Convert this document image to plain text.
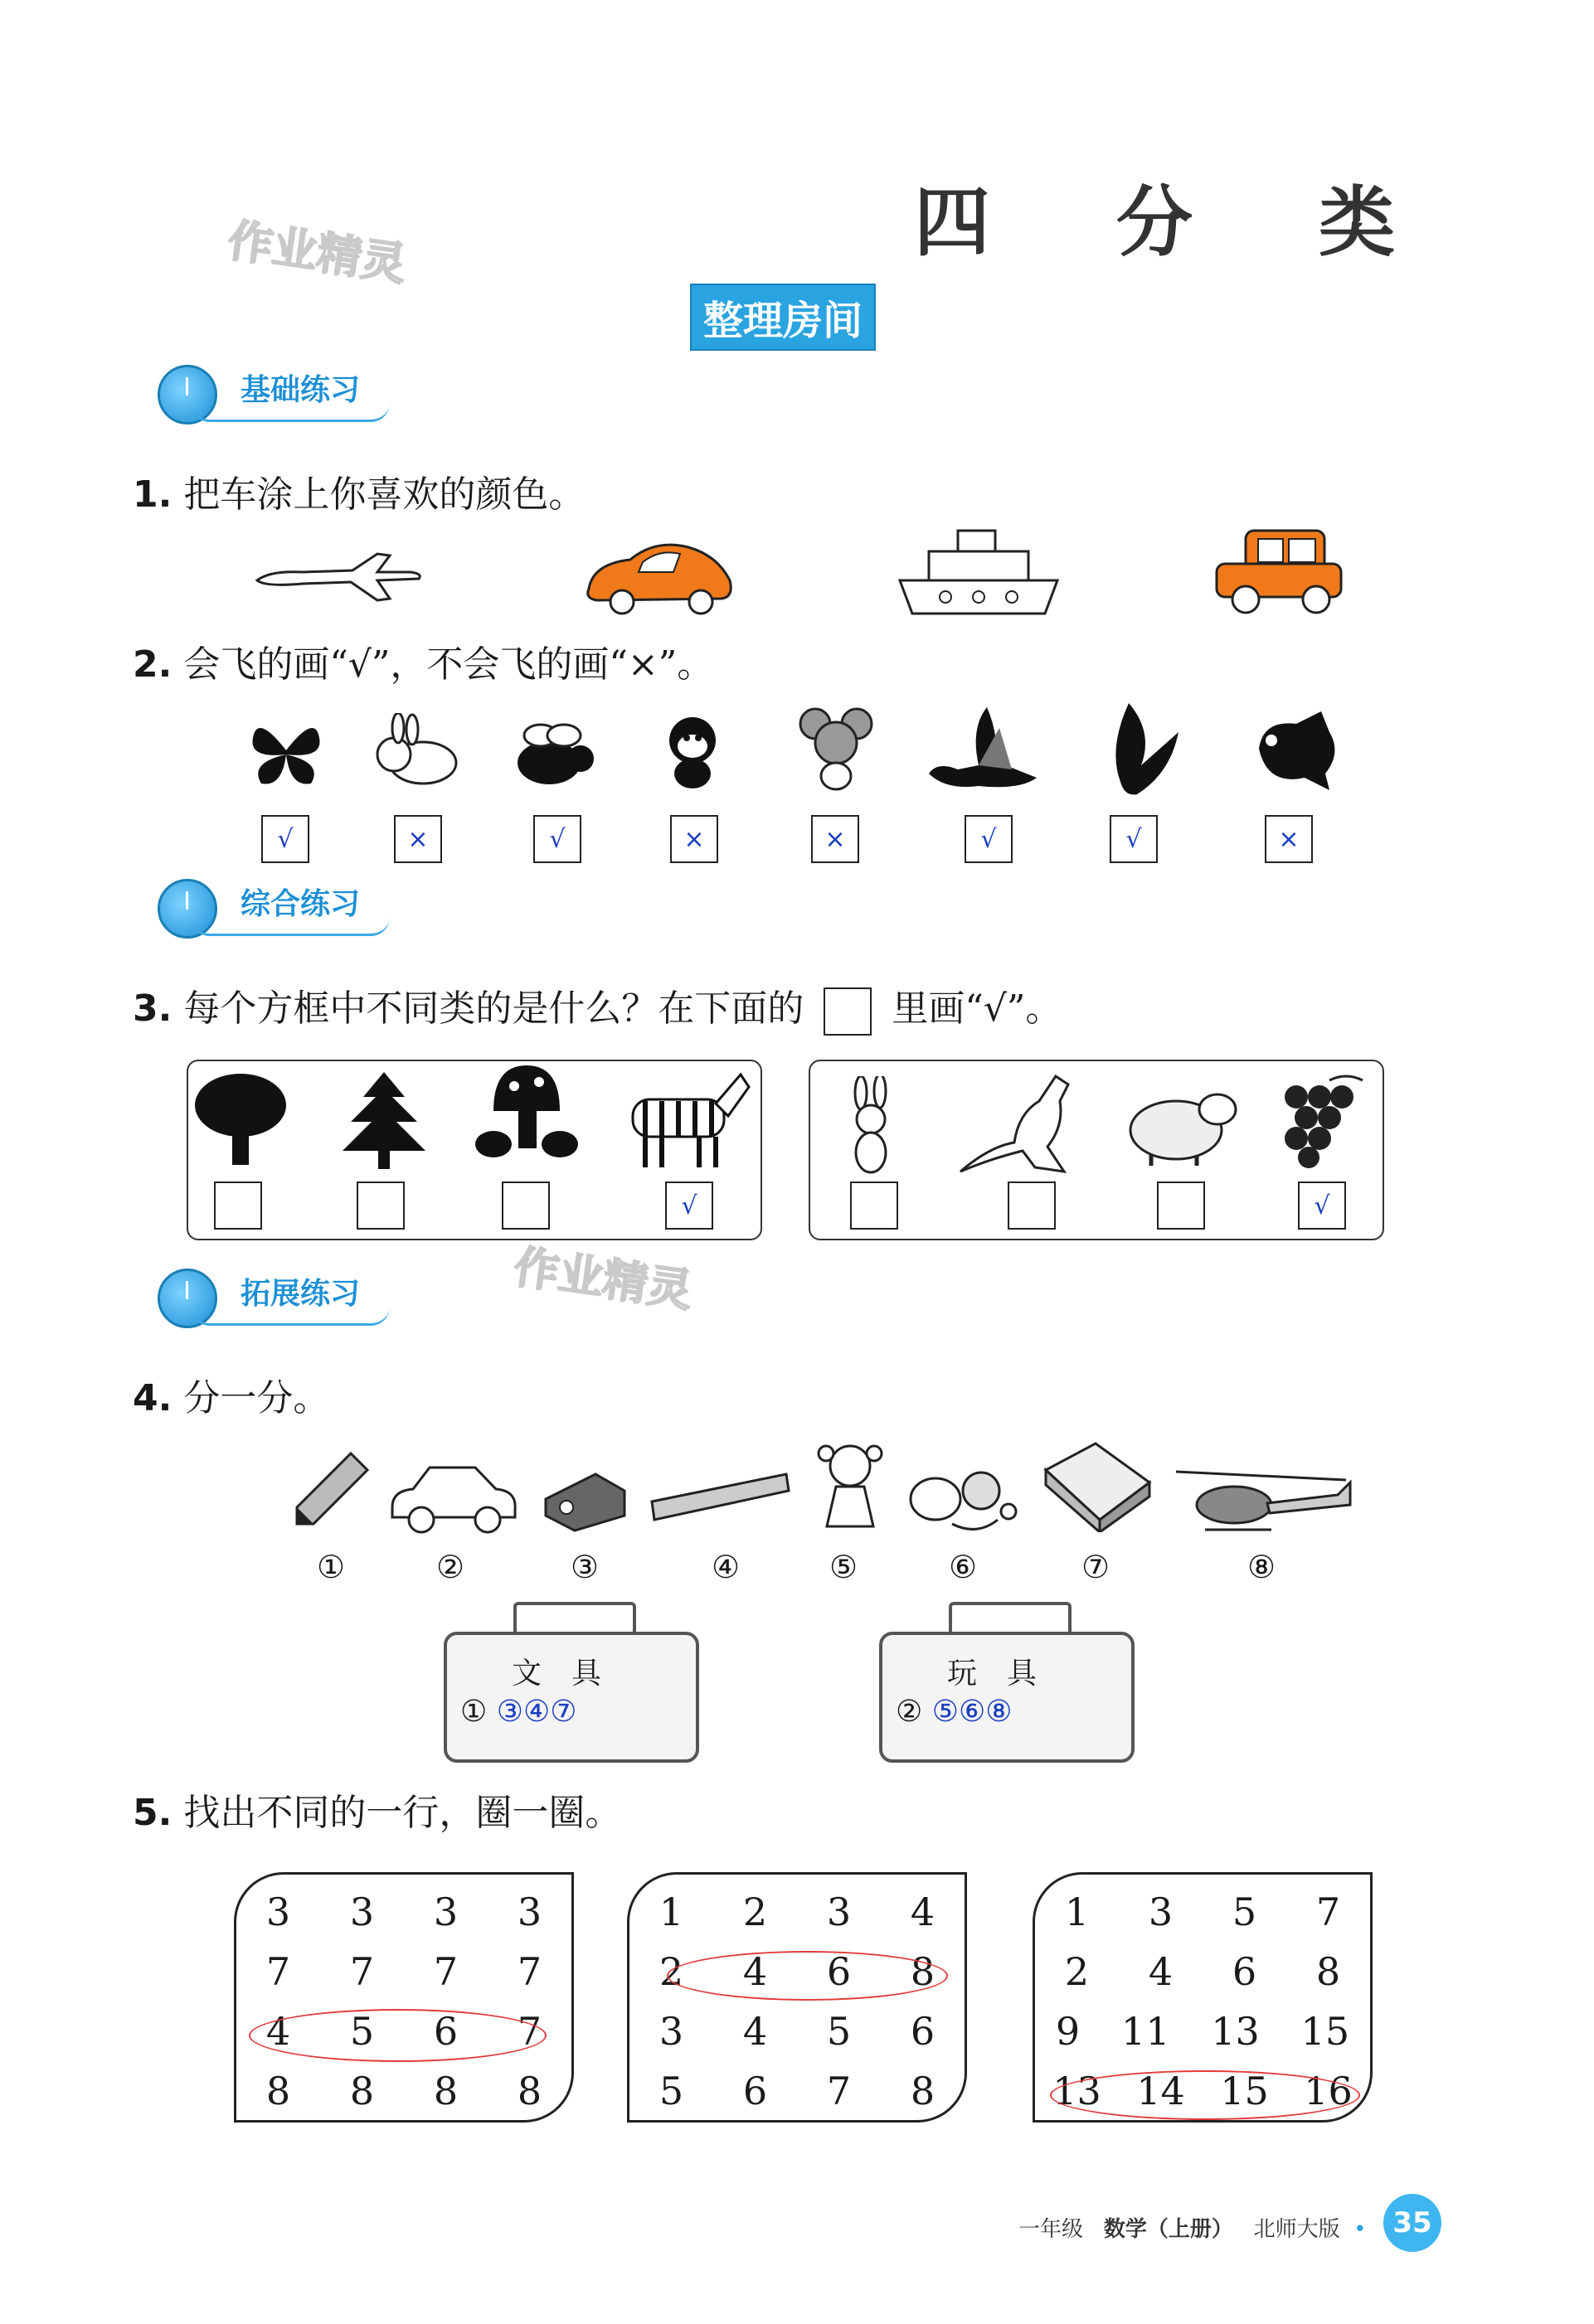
作业精灵
作业精灵
四 分 类
整理房间
基础练习
1. 把车涂上你喜欢的颜色。
2. 会飞的画“√”，不会飞的画“×”。
√	×	√	×	×	√	√	×
综合练习
3. 每个方框中不同类的是什么？在下面的 里画“√”。
√	√
拓展练习
4. 分一分。
①	②	③	④	⑤	⑥	⑦	⑧
文具
① ③④⑦
玩具
② ⑤⑥⑧
5. 找出不同的一行，圈一圈。
3 3 3 3
7 7 7 7
4 5 6 7
8 8 8 8
1 2 3 4
2 4 6 8
3 4 5 6
5 6 7 8
1 3 5 7
2 4 6 8
9 11 13 15
13 14 15 16
一年级 数学（上册） 北师大版 • 35
